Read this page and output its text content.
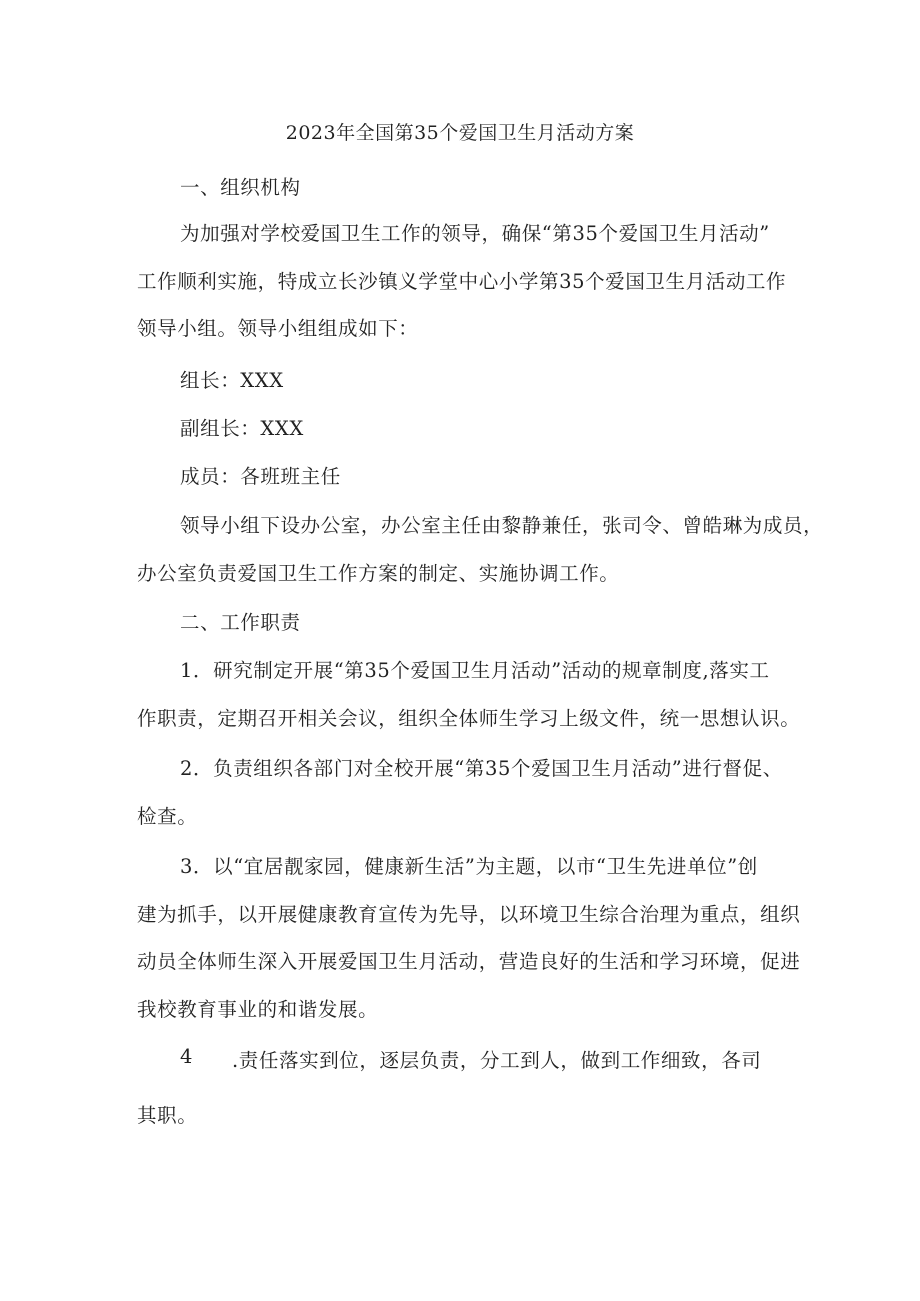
2023年全国第35个爱国卫生月活动方案
一、组织机构
为加强对学校爱国卫生工作的领导，确保“第35个爱国卫生月活动”
工作顺利实施，特成立长沙镇义学堂中心小学第35个爱国卫生月活动工作
领导小组。领导小组组成如下：
组长：XXX
副组长：XXX
成员：各班班主任
领导小组下设办公室，办公室主任由黎静兼任，张司令、曾皓琳为成员，
办公室负责爱国卫生工作方案的制定、实施协调工作。
二、工作职责
1．研究制定开展“第35个爱国卫生月活动”活动的规章制度,落实工
作职责，定期召开相关会议，组织全体师生学习上级文件，统一思想认识。
2．负责组织各部门对全校开展“第35个爱国卫生月活动”进行督促、
检查。
3．以“宜居靓家园，健康新生活”为主题，以市“卫生先进单位”创
建为抓手，以开展健康教育宣传为先导，以环境卫生综合治理为重点，组织
动员全体师生深入开展爱国卫生月活动，营造良好的生活和学习环境，促进
我校教育事业的和谐发展。
4 .责任落实到位，逐层负责，分工到人，做到工作细致，各司
其职。
